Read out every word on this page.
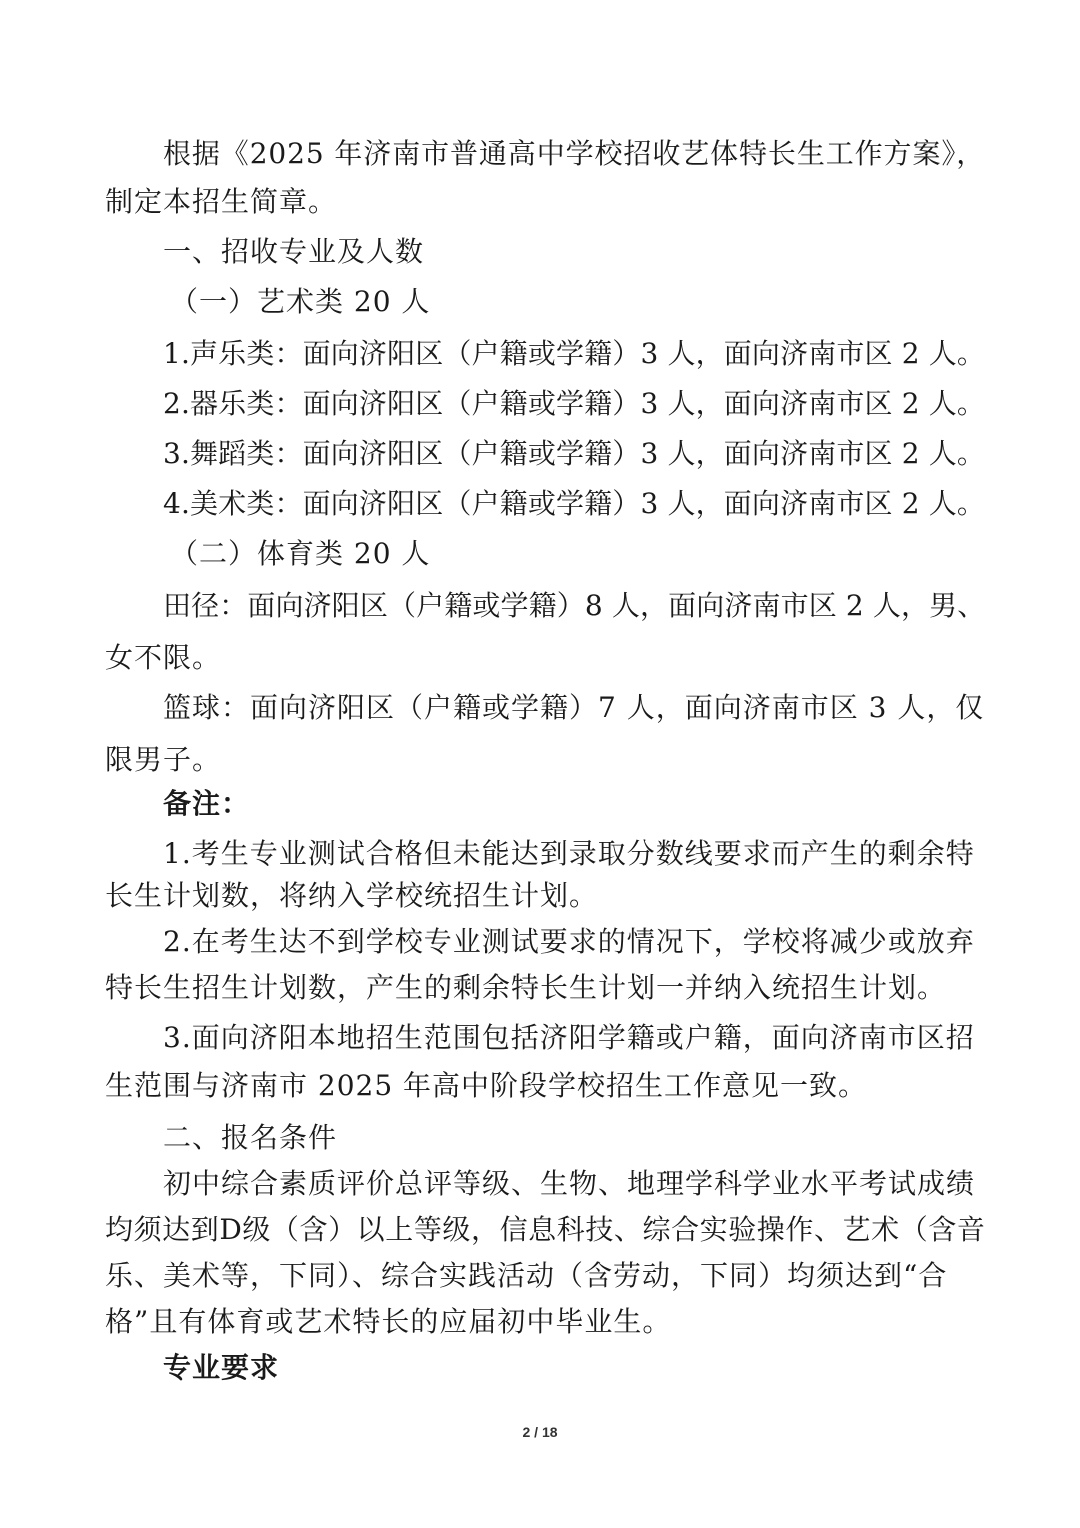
根据《2025 年济南市普通高中学校招收艺体特长生工作方案》，
制定本招生简章。
一、招收专业及人数
（一）艺术类 20 人
1.声乐类：面向济阳区（户籍或学籍）3 人，面向济南市区 2 人。
2.器乐类：面向济阳区（户籍或学籍）3 人，面向济南市区 2 人。
3.舞蹈类：面向济阳区（户籍或学籍）3 人，面向济南市区 2 人。
4.美术类：面向济阳区（户籍或学籍）3 人，面向济南市区 2 人。
（二）体育类 20 人
田径：面向济阳区（户籍或学籍）8 人，面向济南市区 2 人，男、
女不限。
篮球：面向济阳区（户籍或学籍）7 人，面向济南市区 3 人，仅
限男子。
备注：
1.考生专业测试合格但未能达到录取分数线要求而产生的剩余特
长生计划数，将纳入学校统招生计划。
2.在考生达不到学校专业测试要求的情况下，学校将减少或放弃
特长生招生计划数，产生的剩余特长生计划一并纳入统招生计划。
3.面向济阳本地招生范围包括济阳学籍或户籍，面向济南市区招
生范围与济南市 2025 年高中阶段学校招生工作意见一致。
二、报名条件
初中综合素质评价总评等级、生物、地理学科学业水平考试成绩
均须达到D级（含）以上等级，信息科技、综合实验操作、艺术（含音
乐、美术等，下同）、综合实践活动（含劳动，下同）均须达到“合
格”且有体育或艺术特长的应届初中毕业生。
专业要求
2 / 18
